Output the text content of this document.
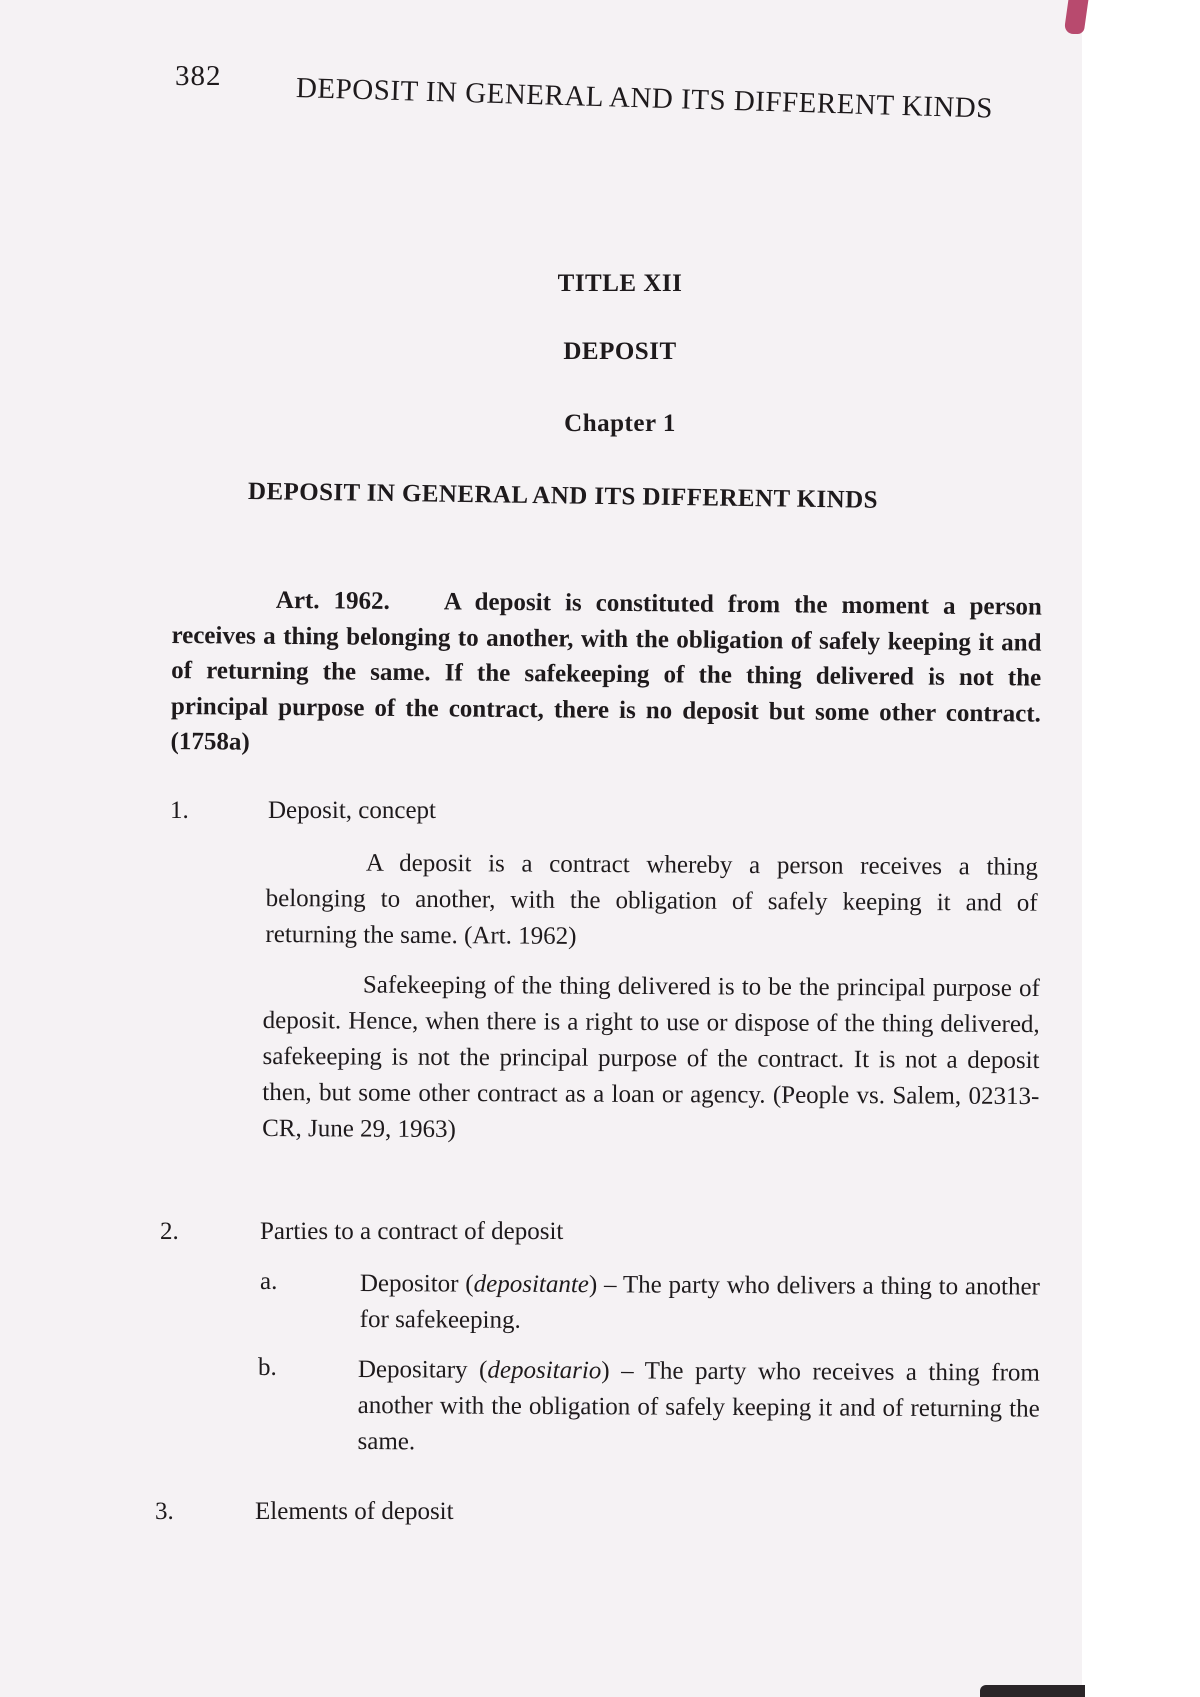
382	DEPOSIT IN GENERAL AND ITS DIFFERENT KINDS
TITLE XII
DEPOSIT
Chapter 1
DEPOSIT IN GENERAL AND ITS DIFFERENT KINDS
Art. 1962. A deposit is constituted from the moment a person receives a thing belonging to another, with the obligation of safely keeping it and of returning the same. If the safekeeping of the thing delivered is not the principal purpose of the contract, there is no deposit but some other contract. (1758a)
1.	Deposit, concept
A deposit is a contract whereby a person receives a thing belonging to another, with the obligation of safely keeping it and of returning the same. (Art. 1962)
Safekeeping of the thing delivered is to be the principal purpose of deposit. Hence, when there is a right to use or dispose of the thing delivered, safekeeping is not the principal purpose of the contract. It is not a deposit then, but some other contract as a loan or agency. (People vs. Salem, 02313-CR, June 29, 1963)
2.	Parties to a contract of deposit
a.	Depositor (depositante) – The party who delivers a thing to another for safekeeping.
b.	Depositary (depositario) – The party who receives a thing from another with the obligation of safely keeping it and of returning the same.
3.	Elements of deposit
